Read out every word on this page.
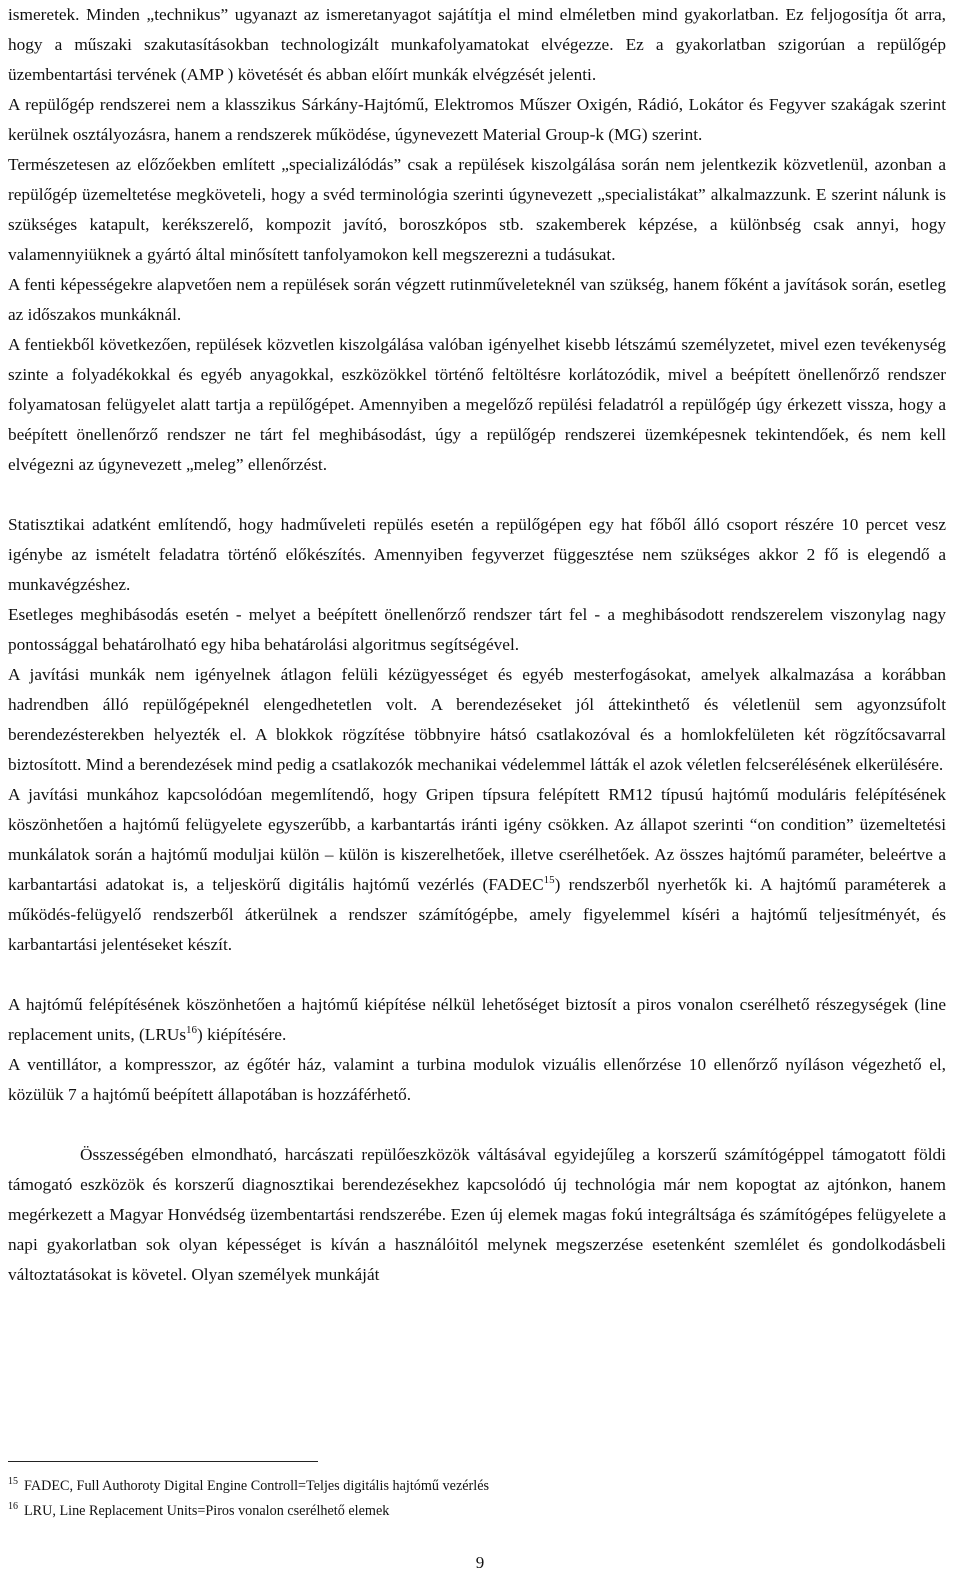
ismeretek. Minden „technikus” ugyanazt az ismeretanyagot sajátítja el mind elméletben mind gyakorlatban. Ez feljogosítja őt arra, hogy a műszaki szakutasításokban technologizált munkafolyamatokat elvégezze. Ez a gyakorlatban szigorúan a repülőgép üzembentartási tervének (AMP ) követését és abban előírt munkák elvégzését jelenti.

A repülőgép rendszerei nem a klasszikus Sárkány-Hajtómű, Elektromos Műszer Oxigén, Rádió, Lokátor és Fegyver szakágak szerint kerülnek osztályozásra, hanem a rendszerek működése, úgynevezett Material Group-k (MG) szerint.

Természetesen az előzőekben említett „specializálódás” csak a repülések kiszolgálása során nem jelentkezik közvetlenül, azonban a repülőgép üzemeltetése megköveteli, hogy a svéd terminológia szerinti úgynevezett „specialistákat” alkalmazzunk. E szerint nálunk is szükséges katapult, kerékszerelő, kompozit javító, boroszkópos stb. szakemberek képzése, a különbség csak annyi, hogy valamennyiüknek a gyártó által minősített tanfolyamokon kell megszerezni a tudásukat.

A fenti képességekre alapvetően nem a repülések során végzett rutinműveleteknél van szükség, hanem főként a javítások során, esetleg az időszakos munkáknál.

A fentiekből következően, repülések közvetlen kiszolgálása valóban igényelhet kisebb létszámú személyzetet, mivel ezen tevékenység szinte a folyadékokkal és egyéb anyagokkal, eszközökkel történő feltöltésre korlátozódik, mivel a beépített önellenőrző rendszer folyamatosan felügyelet alatt tartja a repülőgépet. Amennyiben a megelőző repülési feladatról a repülőgép úgy érkezett vissza, hogy a beépített önellenőrző rendszer ne tárt fel meghibásodást, úgy a repülőgép rendszerei üzemképesnek tekintendőek, és nem kell elvégezni az úgynevezett „meleg” ellenőrzést.

Statisztikai adatként említendő, hogy hadműveleti repülés esetén a repülőgépen egy hat főből álló csoport részére 10 percet vesz igénybe az ismételt feladatra történő előkészítés. Amennyiben fegyverzet függesztése nem szükséges akkor 2 fő is elegendő a munkavégzéshez.

Esetleges meghibásodás esetén - melyet a beépített önellenőrző rendszer tárt fel - a meghibásodott rendszerelem viszonylag nagy pontossággal behatárolható egy hiba behatárolási algoritmus segítségével.

A javítási munkák nem igényelnek átlagon felüli kézügyességet és egyéb mesterfogásokat, amelyek alkalmazása a korábban hadrendben álló repülőgépeknél elengedhetetlen volt. A berendezéseket jól áttekinthető és véletlenül sem agyonzsúfolt berendezésterekben helyezték el. A blokkok rögzítése többnyire hátsó csatlakozóval és a homlokfelületen két rögzítőcsavarral biztosított. Mind a berendezések mind pedig a csatlakozók mechanikai védelemmel látták el azok véletlen felcserélésének elkerülésére.

A javítási munkához kapcsolódóan megemlítendő, hogy Gripen típsura felépített RM12 típusú hajtómű moduláris felépítésének köszönhetően a hajtómű felügyelete egyszerűbb, a karbantartás iránti igény csökken. Az állapot szerinti “on condition” üzemeltetési munkálatok során a hajtómű moduljai külön – külön is kiszerelhetőek, illetve cserélhetőek. Az összes hajtómű paraméter, beleértve a karbantartási adatokat is, a teljeskörű digitális hajtómű vezérlés (FADEC$^{15}$) rendszerből nyerhetők ki. A hajtómű paraméterek a működés-felügyelő rendszerből átkerülnek a rendszer számítógépbe, amely figyelemmel kíséri a hajtómű teljesítményét, és karbantartási jelentéseket készít.

A hajtómű felépítésének köszönhetően a hajtómű kiépítése nélkül lehetőséget biztosít a piros vonalon cserélhető részegységek (line replacement units, (LRUs$^{16}$) kiépítésére.

A ventillátor, a kompresszor, az égőtér ház, valamint a turbina modulok vizuális ellenőrzése 10 ellenőrző nyíláson végezhető el, közülük 7 a hajtómű beépített állapotában is hozzáférhető.

Összességében elmondható, harcászati repülőeszközök váltásával egyidejűleg a korszerű számítógéppel támogatott földi támogató eszközök és korszerű diagnosztikai berendezésekhez kapcsolódó új technológia már nem kopogtat az ajtónkon, hanem megérkezett a Magyar Honvédség üzembentartási rendszerébe. Ezen új elemek magas fokú integráltsága és számítógépes felügyelete a napi gyakorlatban sok olyan képességet is kíván a használóitól melynek megszerzése esetenként szemlélet és gondolkodásbeli változtatásokat is követel. Olyan személyek munkáját

$^{15}$ FADEC, Full Authoroty Digital Engine Controll=Teljes digitális hajtómű vezérlés

$^{16}$ LRU, Line Replacement Units=Piros vonalon cserélhető elemek

9
